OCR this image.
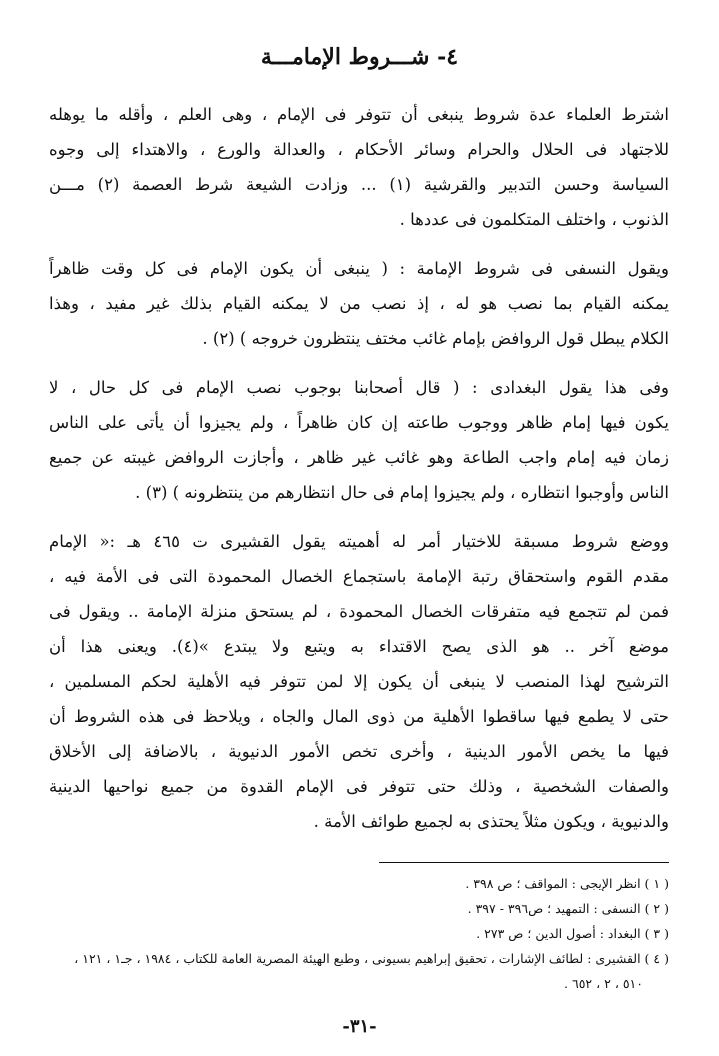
٤- شـــروط الإمامـــة
اشترط العلماء عدة شروط ينبغى أن تتوفر فى الإمام ، وهى العلم ، وأقله ما يوهله
للاجتهاد فى الحلال والحرام وسائر الأحكام ، والعدالة والورع ، والاهتداء إلى وجوه
السياسة وحسن التدبير والقرشية (١) ... وزادت الشيعة شرط العصمة (٢) مـــن
الذنوب ، واختلف المتكلمون فى عددها .
ويقول النسفى فى شروط الإمامة : ( ينبغى أن يكون الإمام فى كل وقت ظاهراً
يمكنه القيام بما نصب هو له ، إذ نصب من لا يمكنه القيام بذلك غير مفيد ، وهذا
الكلام يبطل قول الروافض بإمام غائب مختف ينتظرون خروجه ) (٢) .
وفى هذا يقول البغدادى : ( قال أصحابنا بوجوب نصب الإمام فى كل حال ، لا
يكون فيها إمام ظاهر ووجوب طاعته إن كان ظاهراً ، ولم يجيزوا أن يأتى على الناس
زمان فيه إمام واجب الطاعة وهو غائب غير ظاهر ، وأجازت الروافض غيبته عن جميع
الناس وأوجبوا انتظاره ، ولم يجيزوا إمام فى حال انتظارهم من ينتظرونه ) (٣) .
ووضع شروط مسبقة للاختيار أمر له أهميته يقول القشيرى ت ٤٦٥ هـ :« الإمام
مقدم القوم واستحقاق رتبة الإمامة باستجماع الخصال المحمودة التى فى الأمة فيه ،
فمن لم تتجمع فيه متفرقات الخصال المحمودة ، لم يستحق منزلة الإمامة .. ويقول فى
موضع آخر .. هو الذى يصح الاقتداء به ويتبع ولا يبتدع »(٤). ويعنى هذا أن
الترشيح لهذا المنصب لا ينبغى أن يكون إلا لمن تتوفر فيه الأهلية لحكم المسلمين ،
حتى لا يطمع فيها ساقطوا الأهلية من ذوى المال والجاه ، ويلاحظ فى هذه الشروط أن
فيها ما يخص الأمور الدينية ، وأخرى تخص الأمور الدنيوية ، بالاضافة إلى الأخلاق
والصفات الشخصية ، وذلك حتى تتوفر فى الإمام القدوة من جميع نواحيها الدينية
والدنيوية ، ويكون مثلاً يحتذى به لجميع طوائف الأمة .
( ١ ) انظر الإيجى : المواقف ؛ ص ٣٩٨ .
( ٢ ) النسفى : التمهيد ؛ ص٣٩٦ - ٣٩٧ .
( ٣ ) البغداد : أصول الدين ؛ ص ٢٧٣ .
( ٤ ) القشيرى : لطائف الإشارات ، تحقيق إبراهيم بسيونى ، وطبع الهيئة المصرية العامة للكتاب ، ١٩٨٤ ، جـ١ ، ١٢١ ،
٥١٠ ، ٢ ، ٦٥٢ .
-٣١-
